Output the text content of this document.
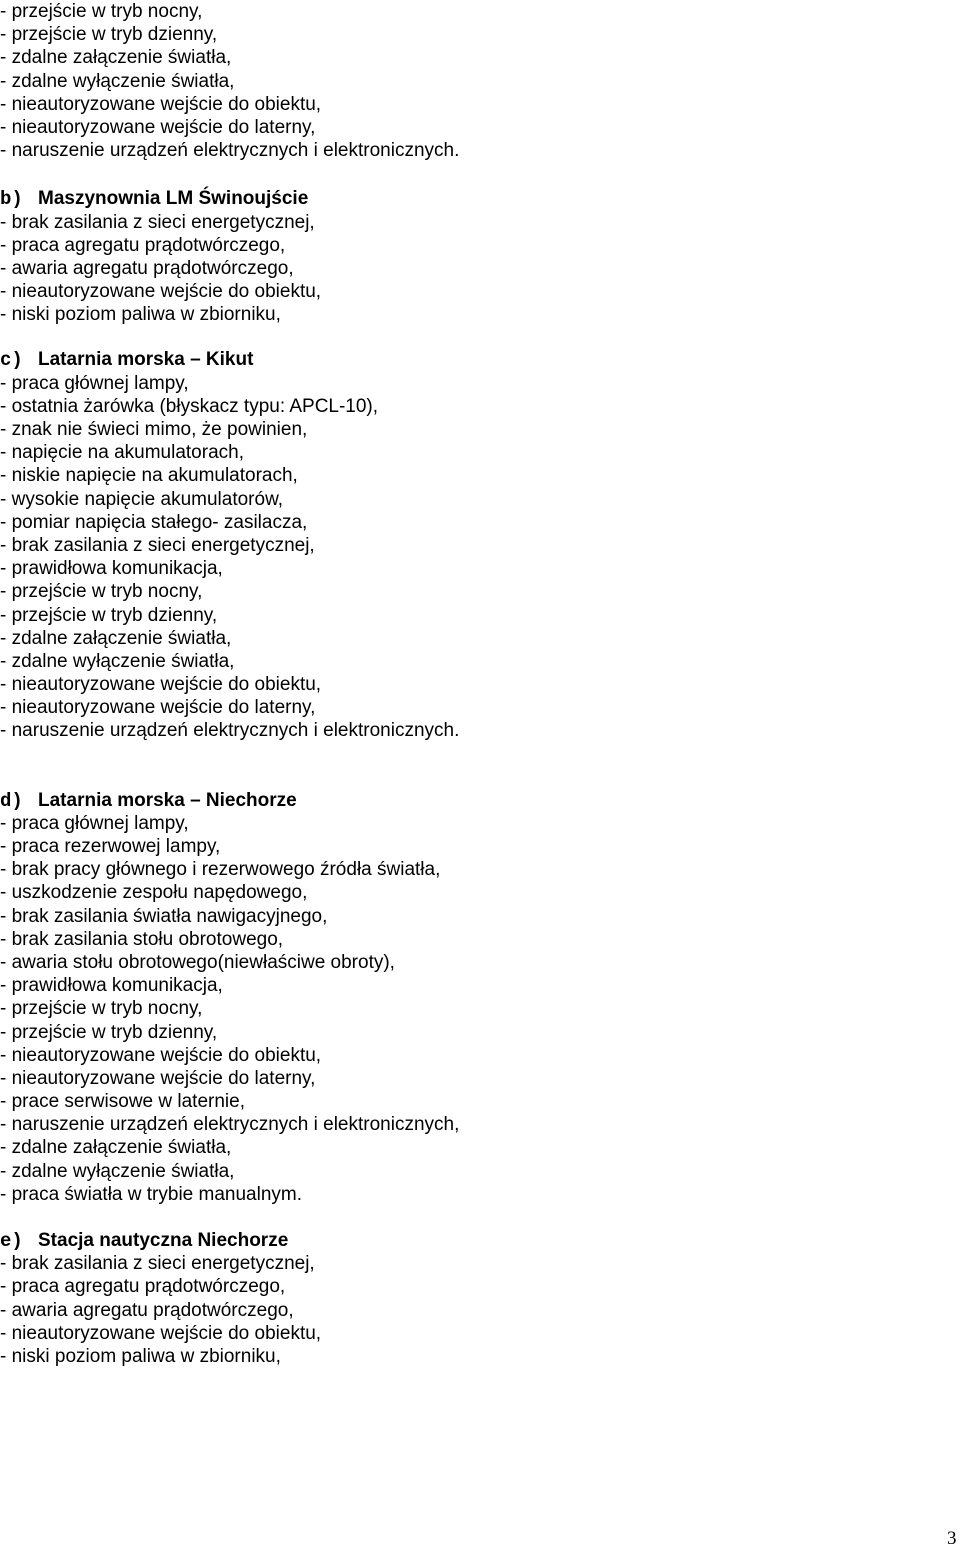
- przejście w tryb nocny,
- przejście w tryb dzienny,
- zdalne załączenie światła,
- zdalne wyłączenie światła,
- nieautoryzowane wejście do obiektu,
- nieautoryzowane wejście do laterny,
- naruszenie urządzeń elektrycznych i elektronicznych.
b) Maszynownia LM Świnoujście
- brak zasilania z sieci energetycznej,
- praca agregatu prądotwórczego,
- awaria agregatu prądotwórczego,
- nieautoryzowane wejście do obiektu,
- niski poziom paliwa w zbiorniku,
c) Latarnia morska – Kikut
- praca głównej lampy,
- ostatnia żarówka (błyskacz typu: APCL-10),
- znak nie świeci mimo, że powinien,
- napięcie na akumulatorach,
- niskie napięcie na akumulatorach,
- wysokie napięcie akumulatorów,
- pomiar napięcia stałego- zasilacza,
- brak zasilania z sieci energetycznej,
- prawidłowa komunikacja,
- przejście w tryb nocny,
- przejście w tryb dzienny,
- zdalne załączenie światła,
- zdalne wyłączenie światła,
- nieautoryzowane wejście do obiektu,
- nieautoryzowane wejście do laterny,
- naruszenie urządzeń elektrycznych i elektronicznych.
d) Latarnia morska – Niechorze
- praca głównej lampy,
- praca rezerwowej lampy,
- brak pracy głównego i rezerwowego źródła światła,
- uszkodzenie zespołu napędowego,
- brak zasilania światła nawigacyjnego,
- brak zasilania stołu obrotowego,
- awaria stołu obrotowego(niewłaściwe obroty),
- prawidłowa komunikacja,
- przejście w tryb nocny,
- przejście w tryb dzienny,
- nieautoryzowane wejście do obiektu,
- nieautoryzowane wejście do laterny,
- prace serwisowe w laternie,
- naruszenie urządzeń elektrycznych i elektronicznych,
- zdalne załączenie światła,
- zdalne wyłączenie światła,
- praca światła w trybie manualnym.
e) Stacja nautyczna Niechorze
- brak zasilania z sieci energetycznej,
- praca agregatu prądotwórczego,
- awaria agregatu prądotwórczego,
- nieautoryzowane wejście do obiektu,
- niski poziom paliwa w zbiorniku,
3
